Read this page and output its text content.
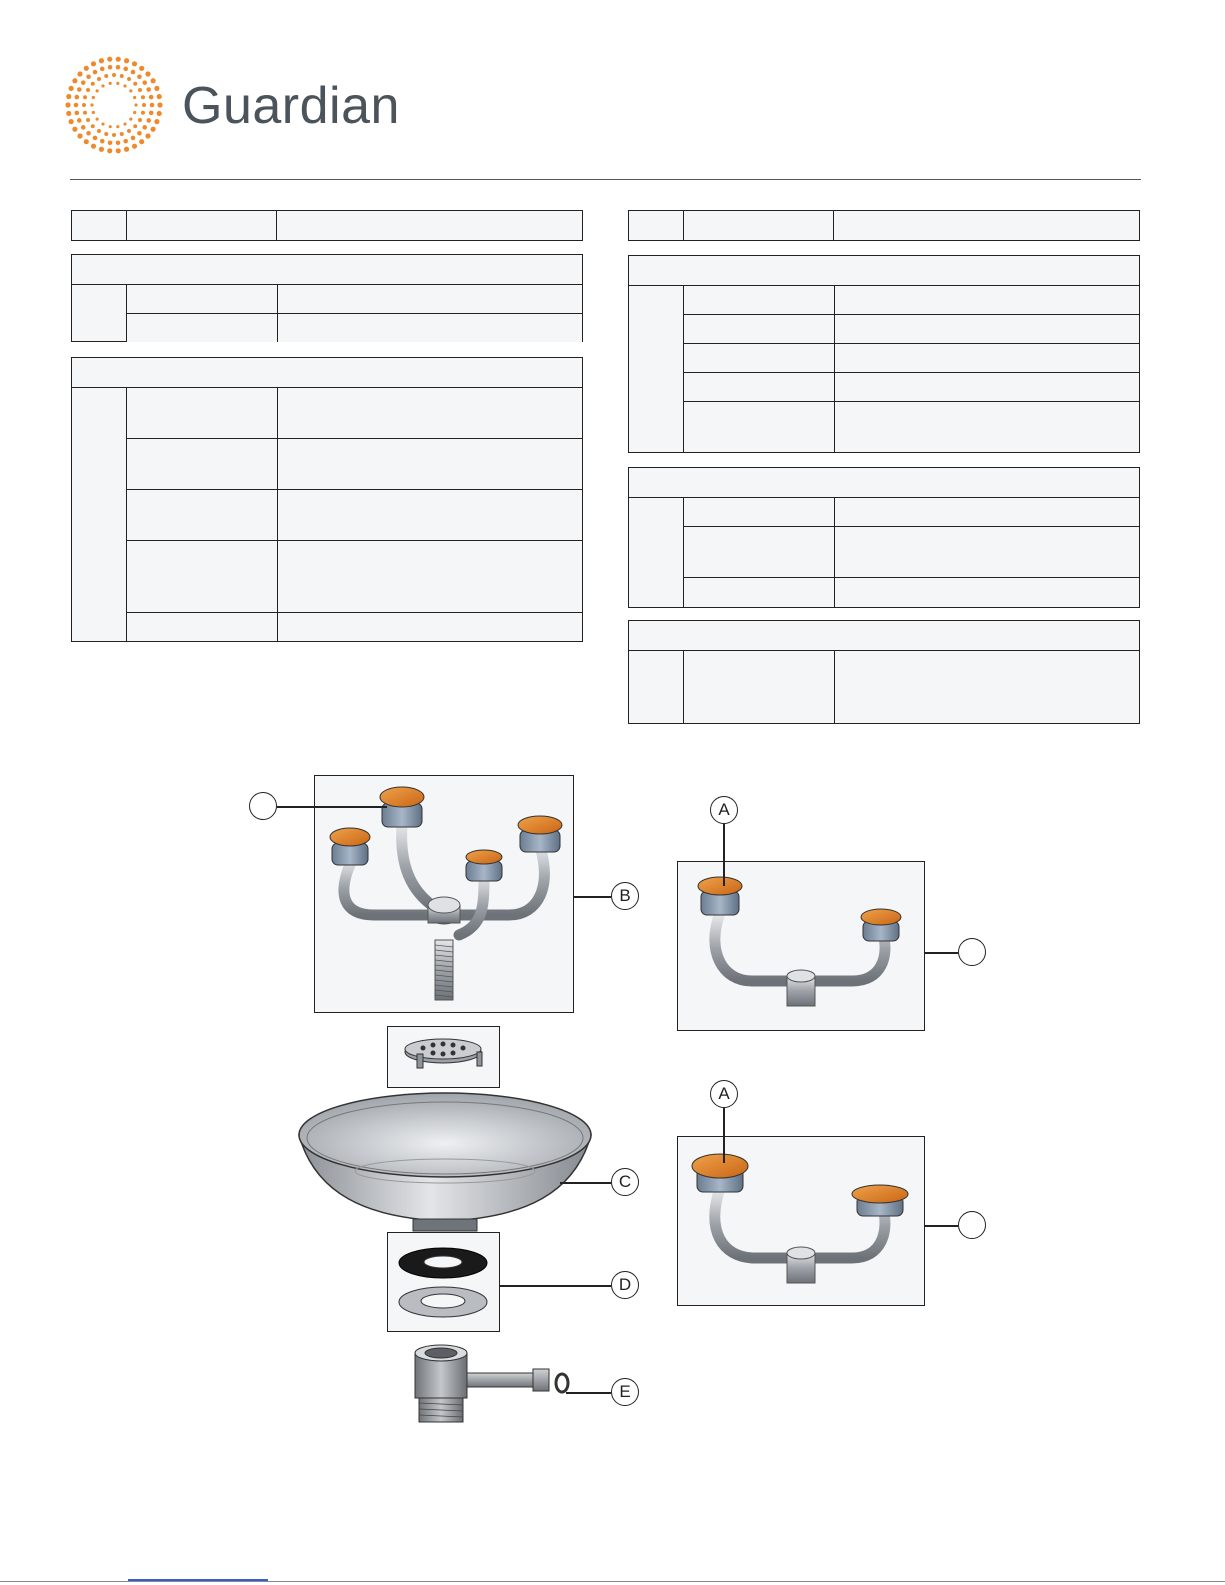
Guardian
B
C
D
E
A
A
